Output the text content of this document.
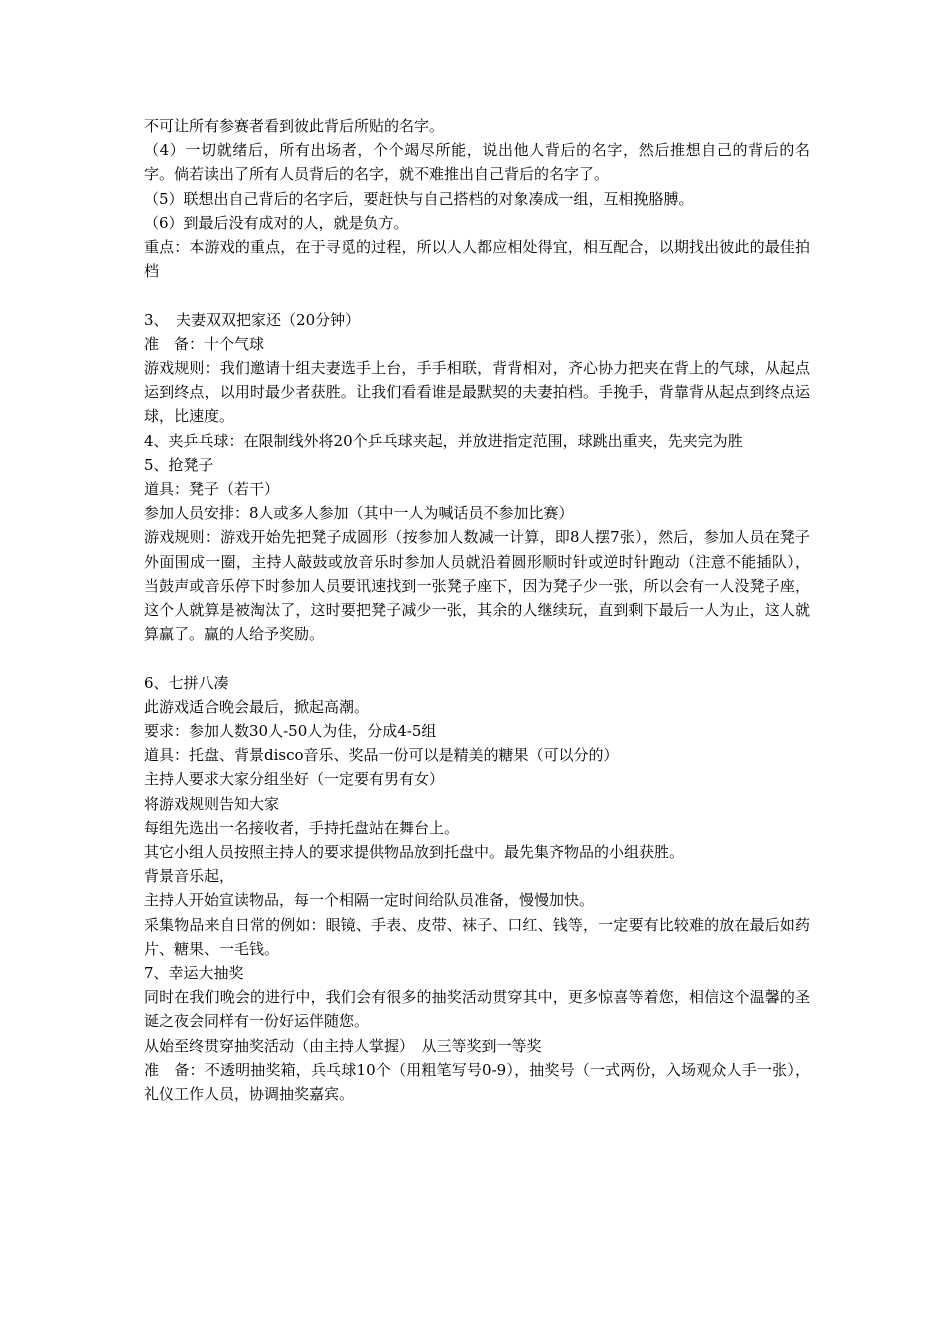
不可让所有参赛者看到彼此背后所贴的名字。

（4）一切就绪后，所有出场者，个个竭尽所能，说出他人背后的名字，然后推想自己的背后的名字。倘若读出了所有人员背后的名字，就不难推出自己背后的名字了。

（5）联想出自己背后的名字后，要赶快与自己搭档的对象凑成一组，互相挽胳膊。

（6）到最后没有成对的人，就是负方。

重点：本游戏的重点，在于寻觅的过程，所以人人都应相处得宜，相互配合，以期找出彼此的最佳拍档

3、　夫妻双双把家还（20分钟）

准　备：十个气球

游戏规则：我们邀请十组夫妻选手上台，手手相联，背背相对，齐心协力把夹在背上的气球，从起点运到终点，以用时最少者获胜。让我们看看谁是最默契的夫妻拍档。手挽手，背靠背从起点到终点运球，比速度。

4、夹乒乓球：在限制线外将20个乒乓球夹起，并放进指定范围，球跳出重夹，先夹完为胜

5、抢凳子

道具：凳子（若干）

参加人员安排：8人或多人参加（其中一人为喊话员不参加比赛）

游戏规则：游戏开始先把凳子成圆形（按参加人数减一计算，即8人摆7张），然后，参加人员在凳子外面围成一圈，主持人敲鼓或放音乐时参加人员就沿着圆形顺时针或逆时针跑动（注意不能插队），当鼓声或音乐停下时参加人员要讯速找到一张凳子座下，因为凳子少一张，所以会有一人没凳子座，这个人就算是被淘汰了，这时要把凳子减少一张，其余的人继续玩，直到剩下最后一人为止，这人就算赢了。赢的人给予奖励。

6、七拼八凑

此游戏适合晚会最后，掀起高潮。

要求：参加人数30人-50人为佳，分成4-5组

道具：托盘、背景disco音乐、奖品一份可以是精美的糖果（可以分的）

主持人要求大家分组坐好（一定要有男有女）

将游戏规则告知大家

每组先选出一名接收者，手持托盘站在舞台上。

其它小组人员按照主持人的要求提供物品放到托盘中。最先集齐物品的小组获胜。

背景音乐起，

主持人开始宣读物品，每一个相隔一定时间给队员准备，慢慢加快。

采集物品来自日常的例如：眼镜、手表、皮带、袜子、口红、钱等，一定要有比较难的放在最后如药片、糖果、一毛钱。

7、幸运大抽奖

同时在我们晚会的进行中，我们会有很多的抽奖活动贯穿其中，更多惊喜等着您，相信这个温馨的圣诞之夜会同样有一份好运伴随您。

从始至终贯穿抽奖活动（由主持人掌握）　从三等奖到一等奖

准　备：不透明抽奖箱，兵乓球10个（用粗笔写号0-9），抽奖号（一式两份，入场观众人手一张），礼仪工作人员，协调抽奖嘉宾。
